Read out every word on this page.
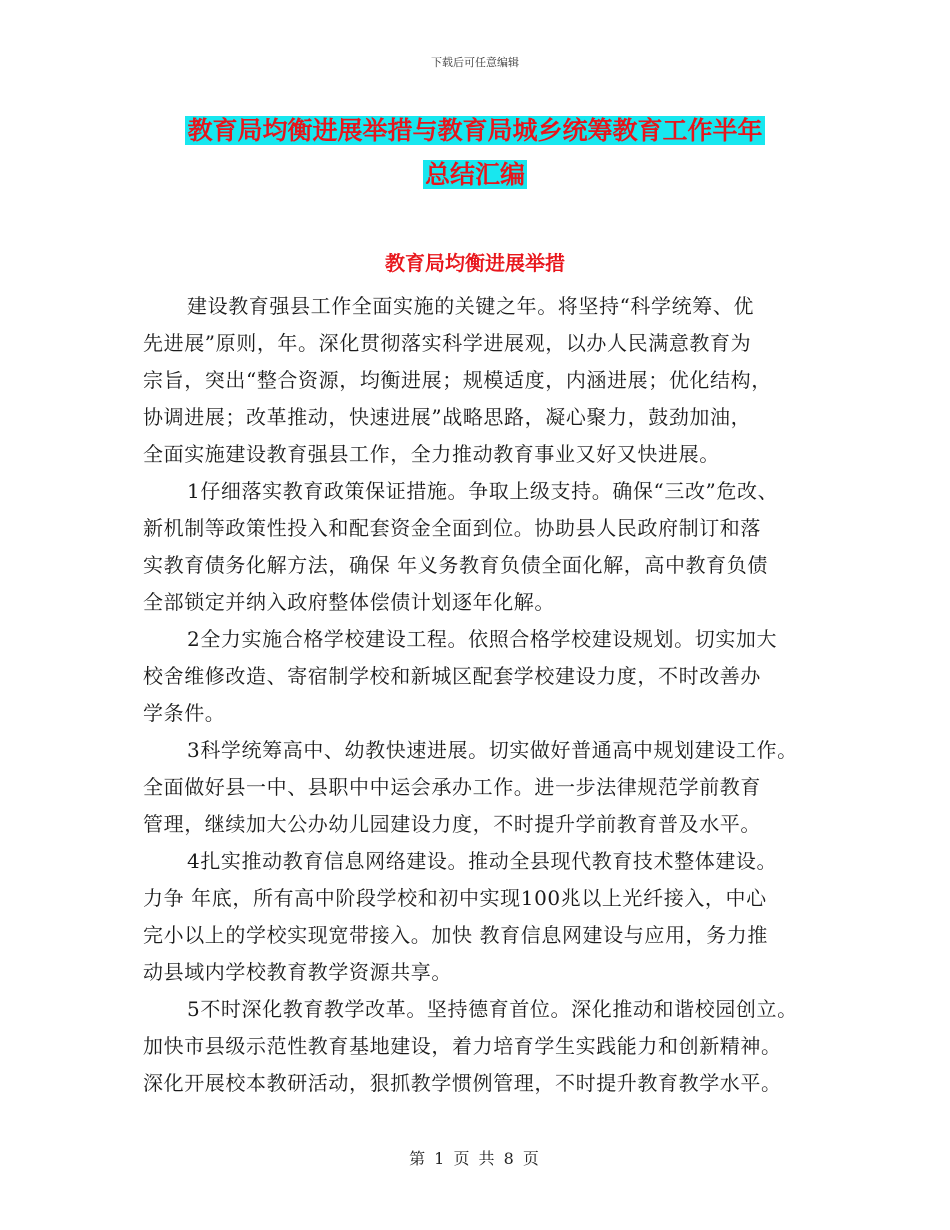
下载后可任意编辑
教育局均衡进展举措与教育局城乡统筹教育工作半年
总结汇编
教育局均衡进展举措

建设教育强县工作全面实施的关键之年。将坚持“科学统筹、优

先进展”原则，年。深化贯彻落实科学进展观，以办人民满意教育为

宗旨，突出“整合资源，均衡进展；规模适度，内涵进展；优化结构，

协调进展；改革推动，快速进展”战略思路，凝心聚力，鼓劲加油，

全面实施建设教育强县工作，全力推动教育事业又好又快进展。

1仔细落实教育政策保证措施。争取上级支持。确保“三改”危改、

新机制等政策性投入和配套资金全面到位。协助县人民政府制订和落

实教育债务化解方法，确保 年义务教育负债全面化解，高中教育负债

全部锁定并纳入政府整体偿债计划逐年化解。

2全力实施合格学校建设工程。依照合格学校建设规划。切实加大

校舍维修改造、寄宿制学校和新城区配套学校建设力度，不时改善办

学条件。

3科学统筹高中、幼教快速进展。切实做好普通高中规划建设工作。

全面做好县一中、县职中中运会承办工作。进一步法律规范学前教育

管理，继续加大公办幼儿园建设力度，不时提升学前教育普及水平。

4扎实推动教育信息网络建设。推动全县现代教育技术整体建设。

力争 年底，所有高中阶段学校和初中实现100兆以上光纤接入，中心

完小以上的学校实现宽带接入。加快 教育信息网建设与应用，务力推

动县域内学校教育教学资源共享。

5不时深化教育教学改革。坚持德育首位。深化推动和谐校园创立。

加快市县级示范性教育基地建设，着力培育学生实践能力和创新精神。

深化开展校本教研活动，狠抓教学惯例管理，不时提升教育教学水平。

第 1 页 共 8 页
